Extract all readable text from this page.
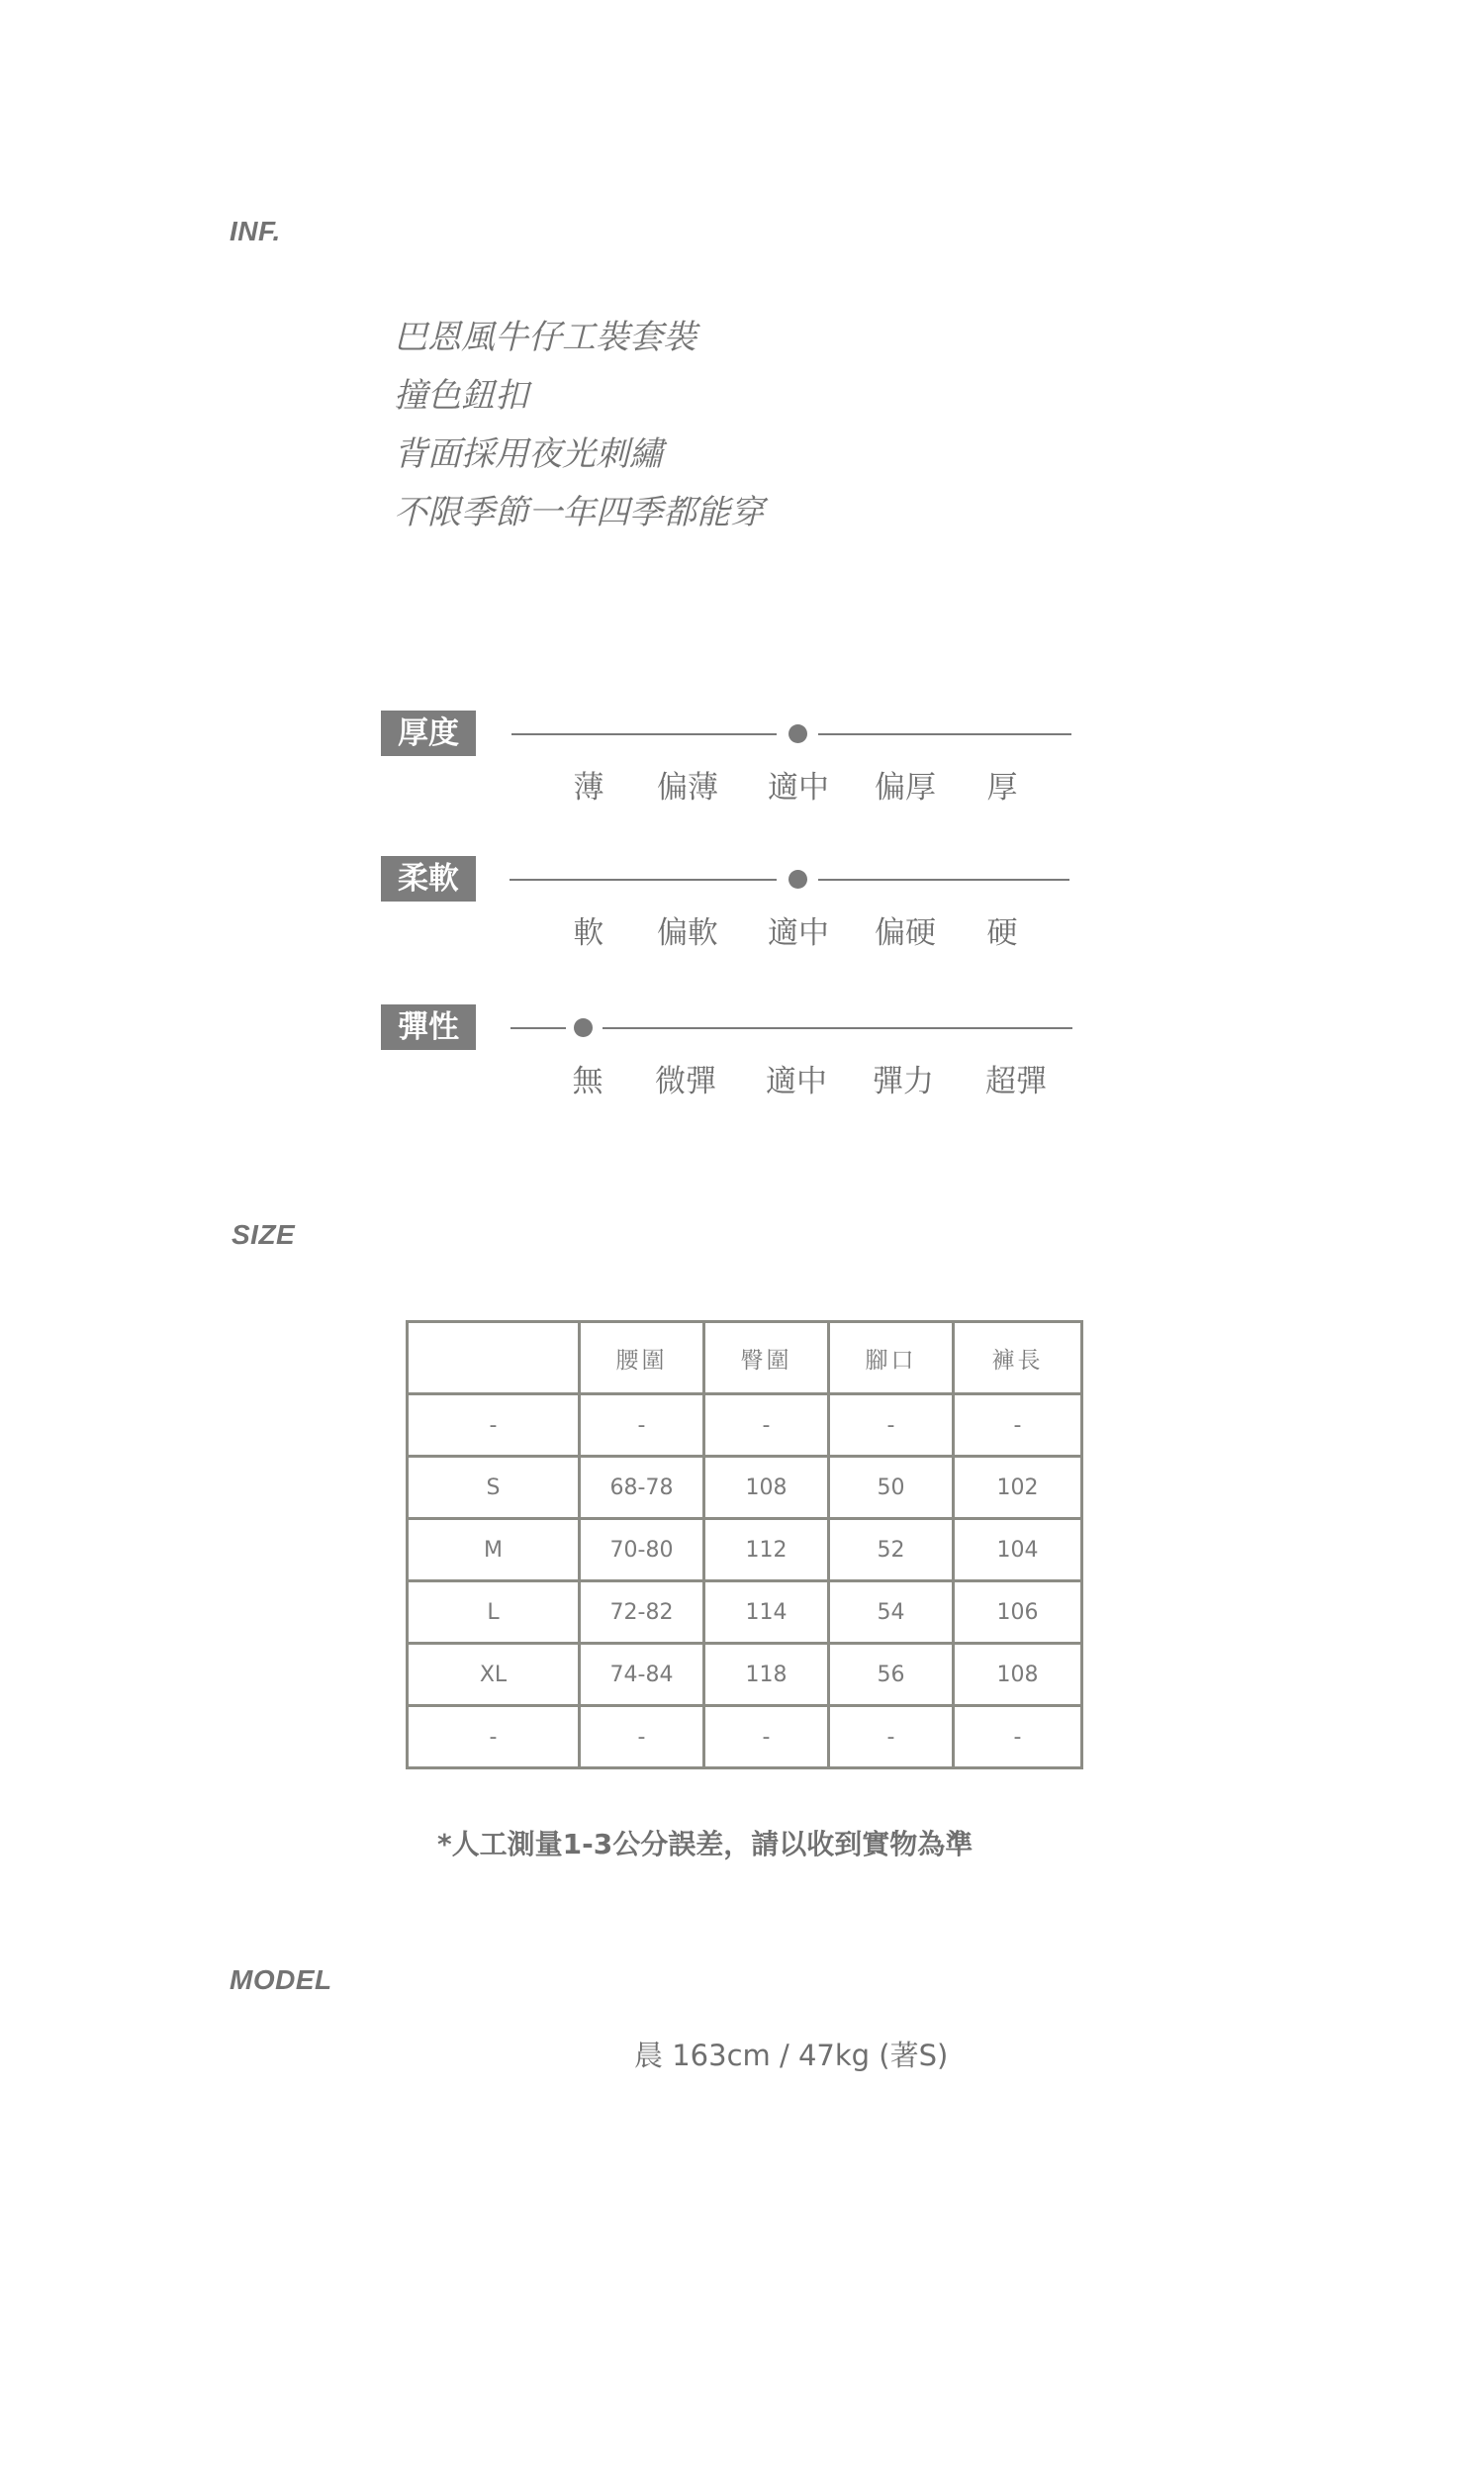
INF.
巴恩風牛仔工裝套裝
撞色鈕扣
背面採用夜光刺繡
不限季節一年四季都能穿
厚度
薄 偏薄 適中 偏厚 厚
柔軟
軟 偏軟 適中 偏硬 硬
彈性
無 微彈 適中 彈力 超彈
SIZE
	腰圍	臀圍	腳口	褲長
-	-	-	-	-
S	68-78	108	50	102
M	70-80	112	52	104
L	72-82	114	54	106
XL	74-84	118	56	108
-	-	-	-	-
*人工測量1-3公分誤差，請以收到實物為準
MODEL
晨 163cm / 47kg (著S)
